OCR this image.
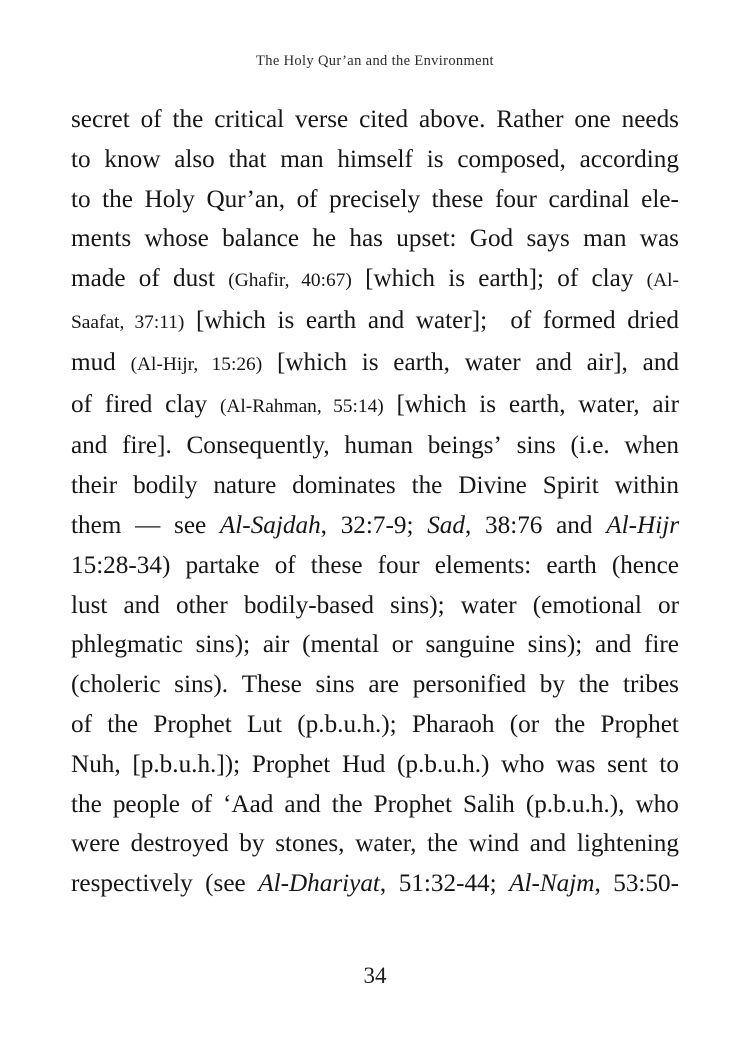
The Holy Qur’an and the Environment
secret of the critical verse cited above. Rather one needs
to know also that man himself is composed, according
to the Holy Qur’an, of precisely these four cardinal ele-
ments whose balance he has upset: God says man was
made of dust (Ghafir, 40:67) [which is earth]; of clay (Al-
Saafat, 37:11) [which is earth and water];  of formed dried
mud (Al-Hijr, 15:26) [which is earth, water and air], and
of fired clay (Al-Rahman, 55:14) [which is earth, water, air
and fire]. Consequently, human beings’ sins (i.e. when
their bodily nature dominates the Divine Spirit within
them  —  see  Al-Sajdah,  32:7-9;  Sad,  38:76  and  Al-Hijr
15:28-34) partake of these four elements: earth (hence
lust and other bodily-based sins); water (emotional or
phlegmatic sins); air (mental or sanguine sins); and fire
(choleric sins). These sins are personified by the tribes
of the Prophet Lut (p.b.u.h.); Pharaoh (or the Prophet
Nuh, [p.b.u.h.]); Prophet Hud (p.b.u.h.) who was sent to
the people of ‘Aad and the Prophet Salih (p.b.u.h.), who
were destroyed by stones, water, the wind and lightening
respectively (see Al-Dhariyat, 51:32-44; Al-Najm, 53:50-
34
